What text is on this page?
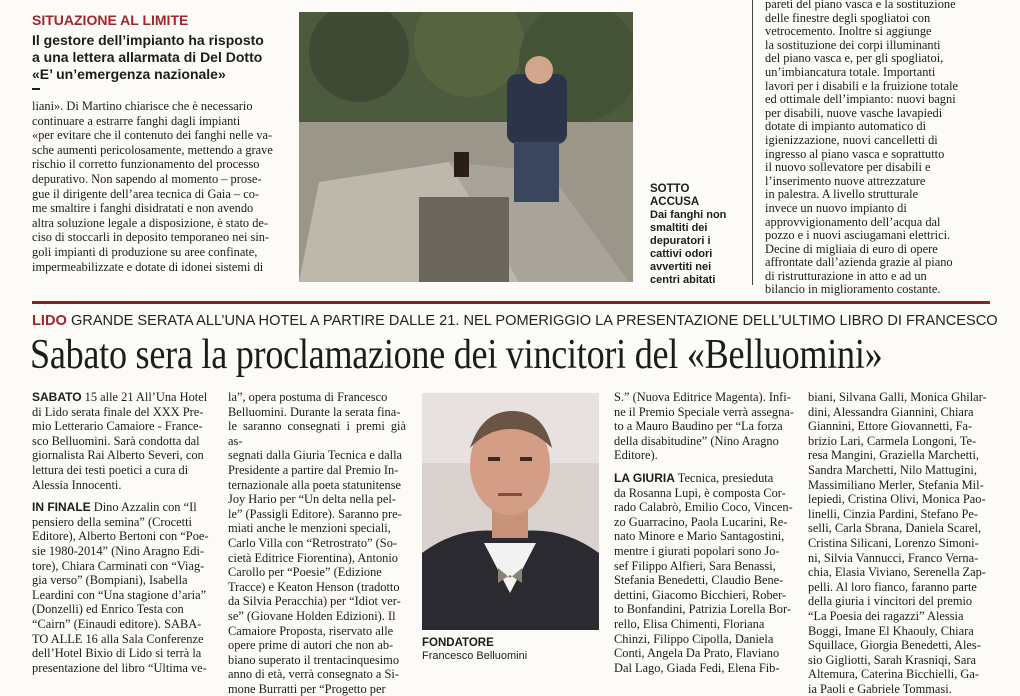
SITUAZIONE AL LIMITE
Il gestore dell’impianto ha risposto
a una lettera allarmata di Del Dotto
«E’ un’emergenza nazionale»
liani». Di Martino chiarisce che è necessario
continuare a estrarre fanghi dagli impianti
«per evitare che il contenuto dei fanghi nelle va-
sche aumenti pericolosamente, mettendo a grave
rischio il corretto funzionamento del processo
depurativo. Non sapendo al momento – prose-
gue il dirigente dell’area tecnica di Gaia – co-
me smaltire i fanghi disidratati e non avendo
altra soluzione legale a disposizione, è stato de-
ciso di stoccarli in deposito temporaneo nei sin-
goli impianti di produzione su aree confinate,
impermeabilizzate e dotate di idonei sistemi di
SOTTO
ACCUSA
Dai fanghi non
smaltiti dei
depuratori i
cattivi odori
avvertiti nei
centri abitati
pareti del piano vasca e la sostituzione
delle finestre degli spogliatoi con
vetrocemento. Inoltre si aggiunge
la sostituzione dei corpi illuminanti
del piano vasca e, per gli spogliatoi,
un’imbiancatura totale. Importanti
lavori per i disabili e la fruizione totale
ed ottimale dell’impianto: nuovi bagni
per disabili, nuove vasche lavapiedi
dotate di impianto automatico di
igienizzazione, nuovi cancelletti di
ingresso al piano vasca e soprattutto
il nuovo sollevatore per disabili e
l’inserimento nuove attrezzature
in palestra. A livello strutturale
invece un nuovo impianto di
approvvigionamento dell’acqua dal
pozzo e i nuovi asciugamani elettrici.
Decine di migliaia di euro di opere
affrontate dall’azienda grazie al piano
di ristrutturazione in atto e ad un
bilancio in miglioramento costante.
LIDO GRANDE SERATA ALL’UNA HOTEL A PARTIRE DALLE 21. NEL POMERIGGIO LA PRESENTAZIONE DELL’ULTIMO LIBRO DI FRANCESCO
Sabato sera la proclamazione dei vincitori del «Belluomini»
SABATO 15 alle 21 All’Una Hotel
di Lido serata finale del XXX Pre-
mio Letterario Camaiore - France-
sco Belluomini. Sarà condotta dal
giornalista Rai Alberto Severi, con
lettura dei testi poetici a cura di
Alessia Innocenti.
IN FINALE Dino Azzalin con “Il
pensiero della semina” (Crocetti
Editore), Alberto Bertoni con “Poe-
sie 1980-2014” (Nino Aragno Edi-
tore), Chiara Carminati con “Viag-
gia verso” (Bompiani), Isabella
Leardini con “Una stagione d’aria”
(Donzelli) ed Enrico Testa con
“Cairn” (Einaudi editore). SABA-
TO ALLE 16 alla Sala Conferenze
dell’Hotel Bixio di Lido si terrà la
presentazione del libro “Ultima ve-
la”, opera postuma di Francesco
Belluomini. Durante la serata fina-
le saranno consegnati i premi già as-
segnati dalla Giuria Tecnica e dalla
Presidente a partire dal Premio In-
ternazionale alla poeta statunitense
Joy Hario per “Un delta nella pel-
le” (Passigli Editore). Saranno pre-
miati anche le menzioni speciali,
Carlo Villa con “Retrostrato” (So-
cietà Editrice Fiorentina), Antonio
Carollo per “Poesie” (Edizione
Tracce) e Keaton Henson (tradotto
da Silvia Peracchia) per “Idiot ver-
se” (Giovane Holden Edizioni). Il
Camaiore Proposta, riservato alle
opere prime di autori che non ab-
biano superato il trentacinquesimo
anno di età, verrà consegnato a Si-
mone Burratti per “Progetto per
FONDATORE
Francesco Belluomini
S.” (Nuova Editrice Magenta). Infi-
ne il Premio Speciale verrà assegna-
to a Mauro Baudino per “La forza
della disabitudine” (Nino Aragno
Editore).
LA GIURIA Tecnica, presieduta
da Rosanna Lupi, è composta Cor-
rado Calabrò, Emilio Coco, Vincen-
zo Guarracino, Paola Lucarini, Re-
nato Minore e Mario Santagostini,
mentre i giurati popolari sono Jo-
sef Filippo Alfieri, Sara Benassi,
Stefania Benedetti, Claudio Bene-
dettini, Giacomo Bicchieri, Rober-
to Bonfandini, Patrizia Lorella Bor-
rello, Elisa Chimenti, Floriana
Chinzi, Filippo Cipolla, Daniela
Conti, Angela Da Prato, Flaviano
Dal Lago, Giada Fedi, Elena Fib-
biani, Silvana Galli, Monica Ghilar-
dini, Alessandra Giannini, Chiara
Giannini, Ettore Giovannetti, Fa-
brizio Lari, Carmela Longoni, Te-
resa Mangini, Graziella Marchetti,
Sandra Marchetti, Nilo Mattugini,
Massimiliano Merler, Stefania Mil-
lepiedi, Cristina Olivi, Monica Pao-
linelli, Cinzia Pardini, Stefano Pe-
selli, Carla Sbrana, Daniela Scarel,
Cristina Silicani, Lorenzo Simoni-
ni, Silvia Vannucci, Franco Verna-
chia, Elasia Viviano, Serenella Zap-
pelli. Al loro fianco, faranno parte
della giuria i vincitori del premio
“La Poesia dei ragazzi” Alessia
Boggi, Imane El Khaouly, Chiara
Squillace, Giorgia Benedetti, Ales-
sio Gigliotti, Sarah Krasniqi, Sara
Altemura, Caterina Bicchielli, Ga-
ia Paoli e Gabriele Tommasi.
